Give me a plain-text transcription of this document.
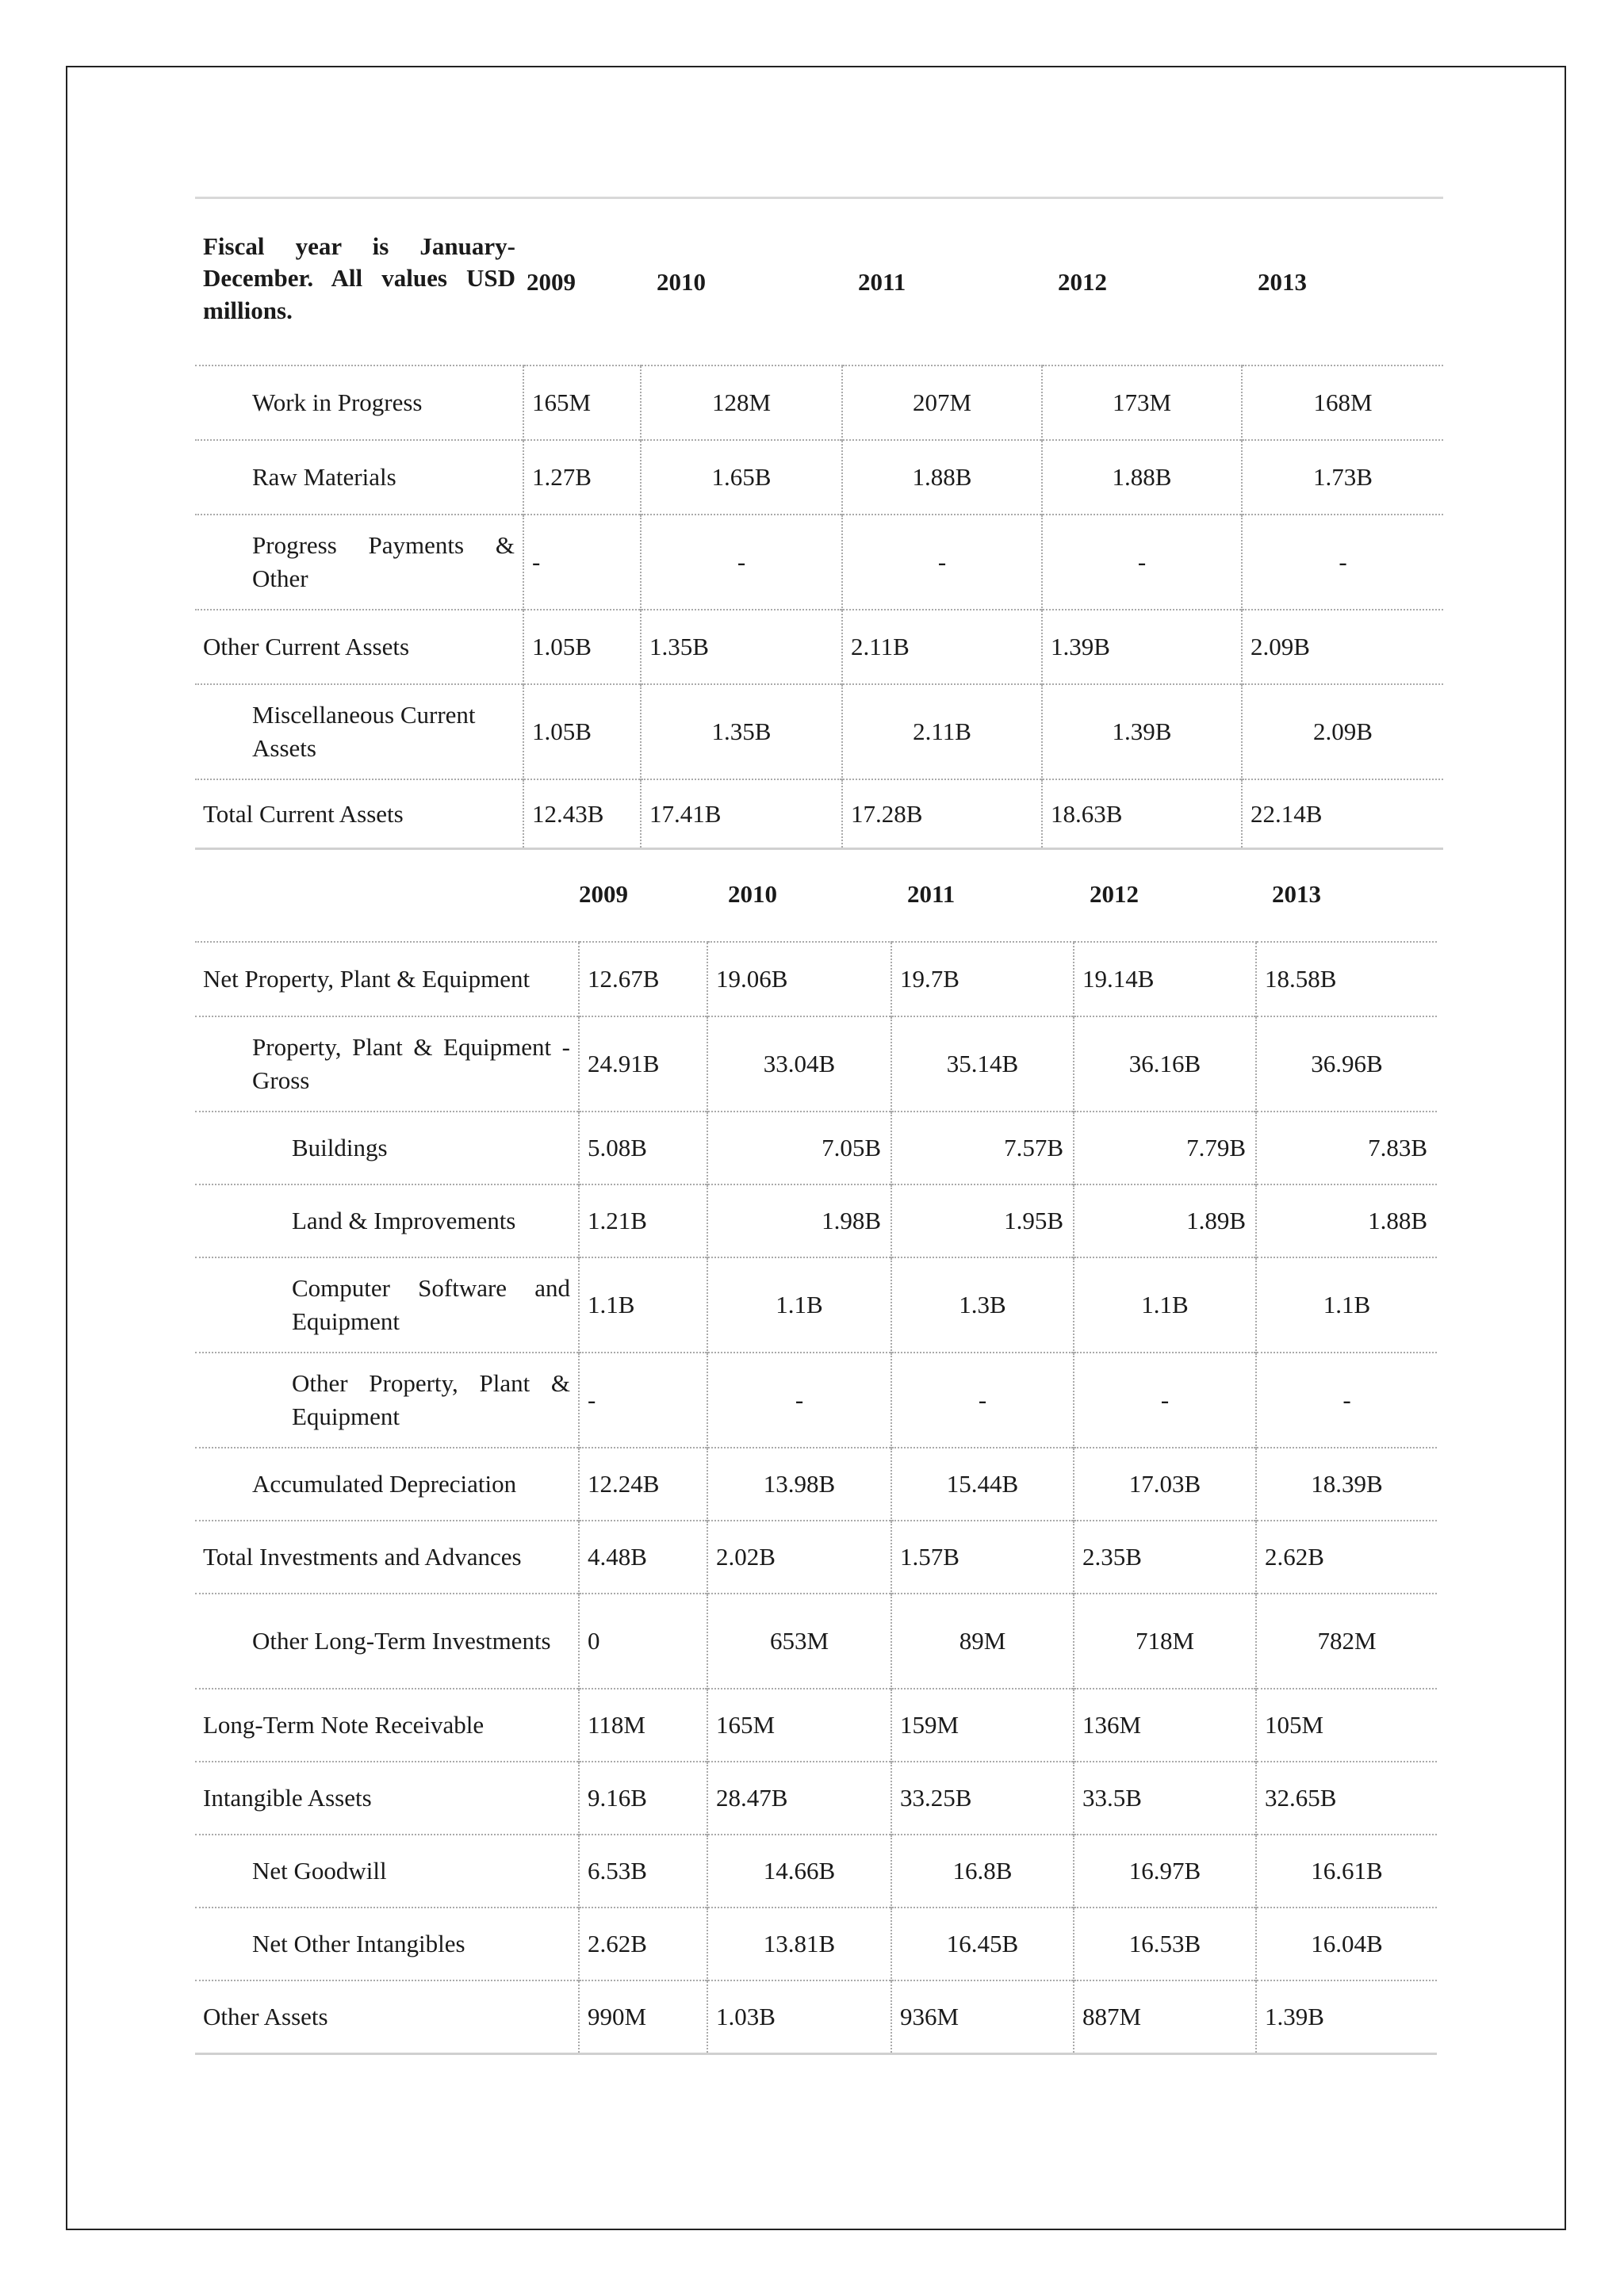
Fiscal year is January-December. All values USD millions.	2009	2010	2011	2012	2013
Work in Progress	165M	128M	207M	173M	168M
Raw Materials	1.27B	1.65B	1.88B	1.88B	1.73B
Progress Payments & Other	-	-	-	-	-
Other Current Assets	1.05B	1.35B	2.11B	1.39B	2.09B
Miscellaneous Current Assets	1.05B	1.35B	2.11B	1.39B	2.09B
Total Current Assets	12.43B	17.41B	17.28B	18.63B	22.14B
	2009	2010	2011	2012	2013
Net Property, Plant & Equipment	12.67B	19.06B	19.7B	19.14B	18.58B
Property, Plant & Equipment - Gross	24.91B	33.04B	35.14B	36.16B	36.96B
Buildings	5.08B	7.05B	7.57B	7.79B	7.83B
Land & Improvements	1.21B	1.98B	1.95B	1.89B	1.88B
Computer Software and Equipment	1.1B	1.1B	1.3B	1.1B	1.1B
Other Property, Plant & Equipment	-	-	-	-	-
Accumulated Depreciation	12.24B	13.98B	15.44B	17.03B	18.39B
Total Investments and Advances	4.48B	2.02B	1.57B	2.35B	2.62B
Other Long-Term Investments	0	653M	89M	718M	782M
Long-Term Note Receivable	118M	165M	159M	136M	105M
Intangible Assets	9.16B	28.47B	33.25B	33.5B	32.65B
Net Goodwill	6.53B	14.66B	16.8B	16.97B	16.61B
Net Other Intangibles	2.62B	13.81B	16.45B	16.53B	16.04B
Other Assets	990M	1.03B	936M	887M	1.39B
